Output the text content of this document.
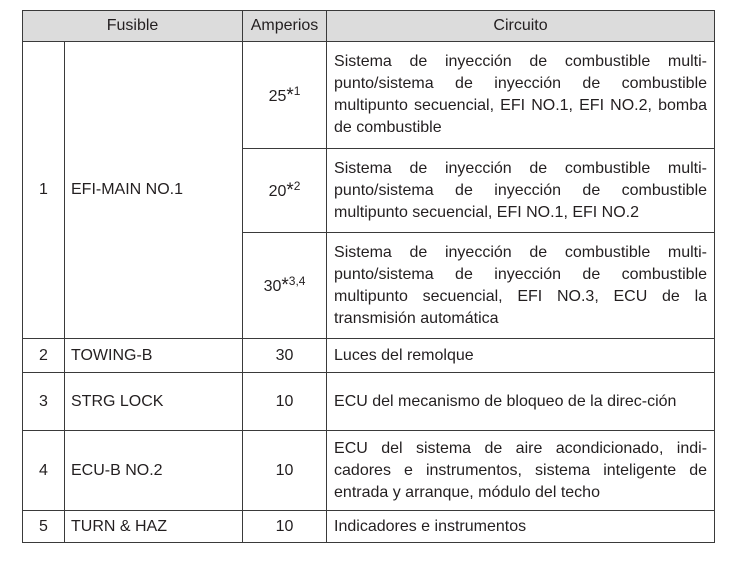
Fusible		Amperios	Circuito
1	EFI-MAIN NO.1	25*$^1$	Sistema de inyección de combustible multi-punto/sistema de inyección de combustible multipunto secuencial, EFI NO.1, EFI NO.2, bomba de combustible
		20*$^2$	Sistema de inyección de combustible multi-punto/sistema de inyección de combustible multipunto secuencial, EFI NO.1, EFI NO.2
		30*$^{3,4}$	Sistema de inyección de combustible multi-punto/sistema de inyección de combustible multipunto secuencial, EFI NO.3, ECU de la transmisión automática
2	TOWING-B	30	Luces del remolque
3	STRG LOCK	10	ECU del mecanismo de bloqueo de la direc-ción
4	ECU-B NO.2	10	ECU del sistema de aire acondicionado, indi-cadores e instrumentos, sistema inteligente de entrada y arranque, módulo del techo
5	TURN & HAZ	10	Indicadores e instrumentos
